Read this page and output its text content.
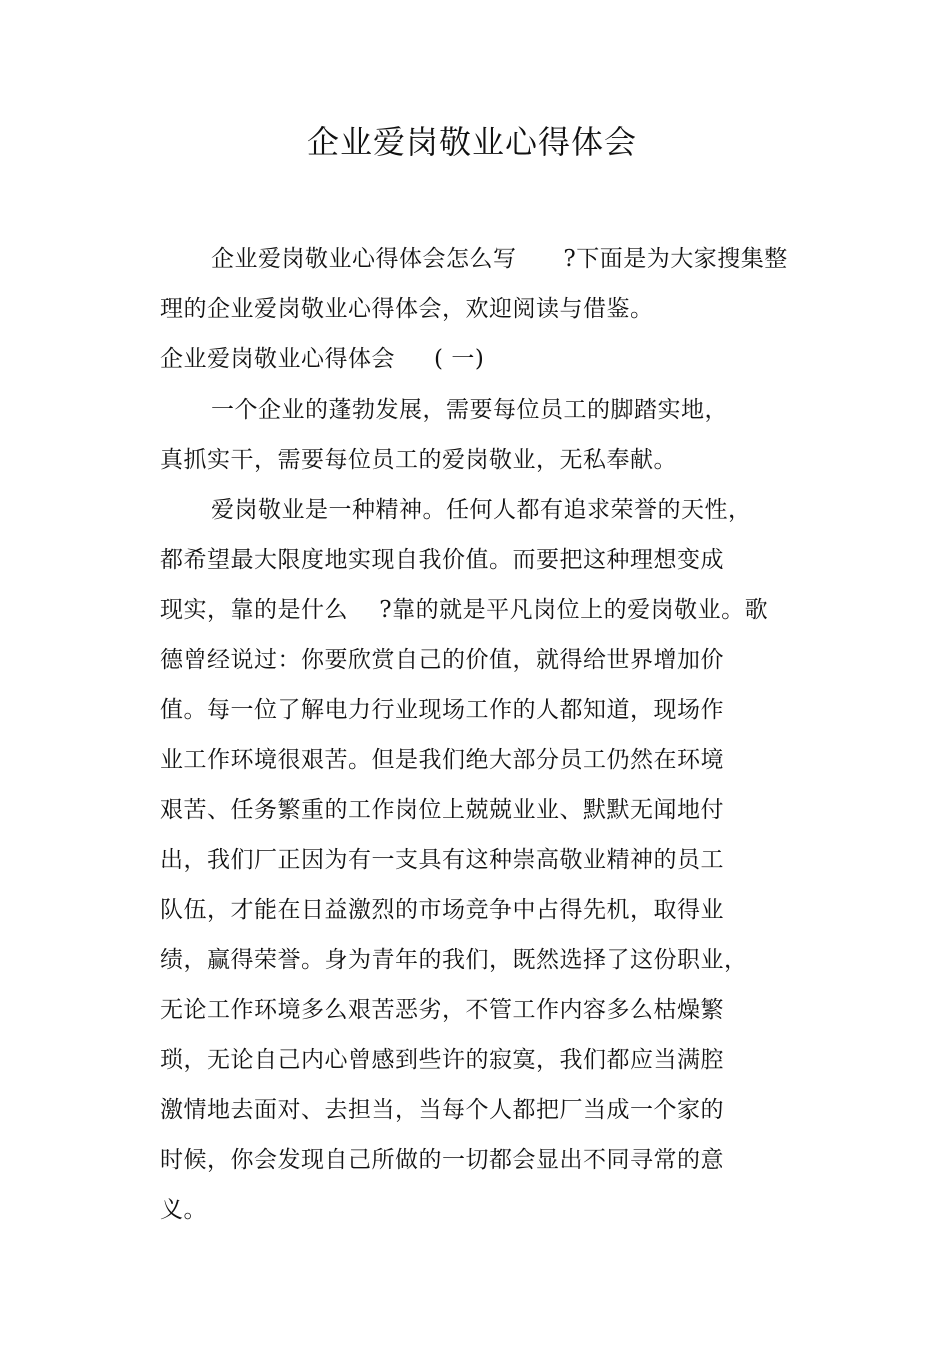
企业爱岗敬业心得体会
企业爱岗敬业心得体会怎么写      ?下面是为大家搜集整
理的企业爱岗敬业心得体会，欢迎阅读与借鉴。
企业爱岗敬业心得体会     ( 一)
一个企业的蓬勃发展，需要每位员工的脚踏实地，
真抓实干，需要每位员工的爱岗敬业，无私奉献。
爱岗敬业是一种精神。任何人都有追求荣誉的天性，
都希望最大限度地实现自我价值。而要把这种理想变成
现实，靠的是什么    ?靠的就是平凡岗位上的爱岗敬业。歌
德曾经说过：你要欣赏自己的价值，就得给世界增加价
值。每一位了解电力行业现场工作的人都知道，现场作
业工作环境很艰苦。但是我们绝大部分员工仍然在环境
艰苦、任务繁重的工作岗位上兢兢业业、默默无闻地付
出，我们厂正因为有一支具有这种崇高敬业精神的员工
队伍，才能在日益激烈的市场竞争中占得先机，取得业
绩，赢得荣誉。身为青年的我们，既然选择了这份职业，
无论工作环境多么艰苦恶劣，不管工作内容多么枯燥繁
琐，无论自己内心曾感到些许的寂寞，我们都应当满腔
激情地去面对、去担当，当每个人都把厂当成一个家的
时候，你会发现自己所做的一切都会显出不同寻常的意
义。
